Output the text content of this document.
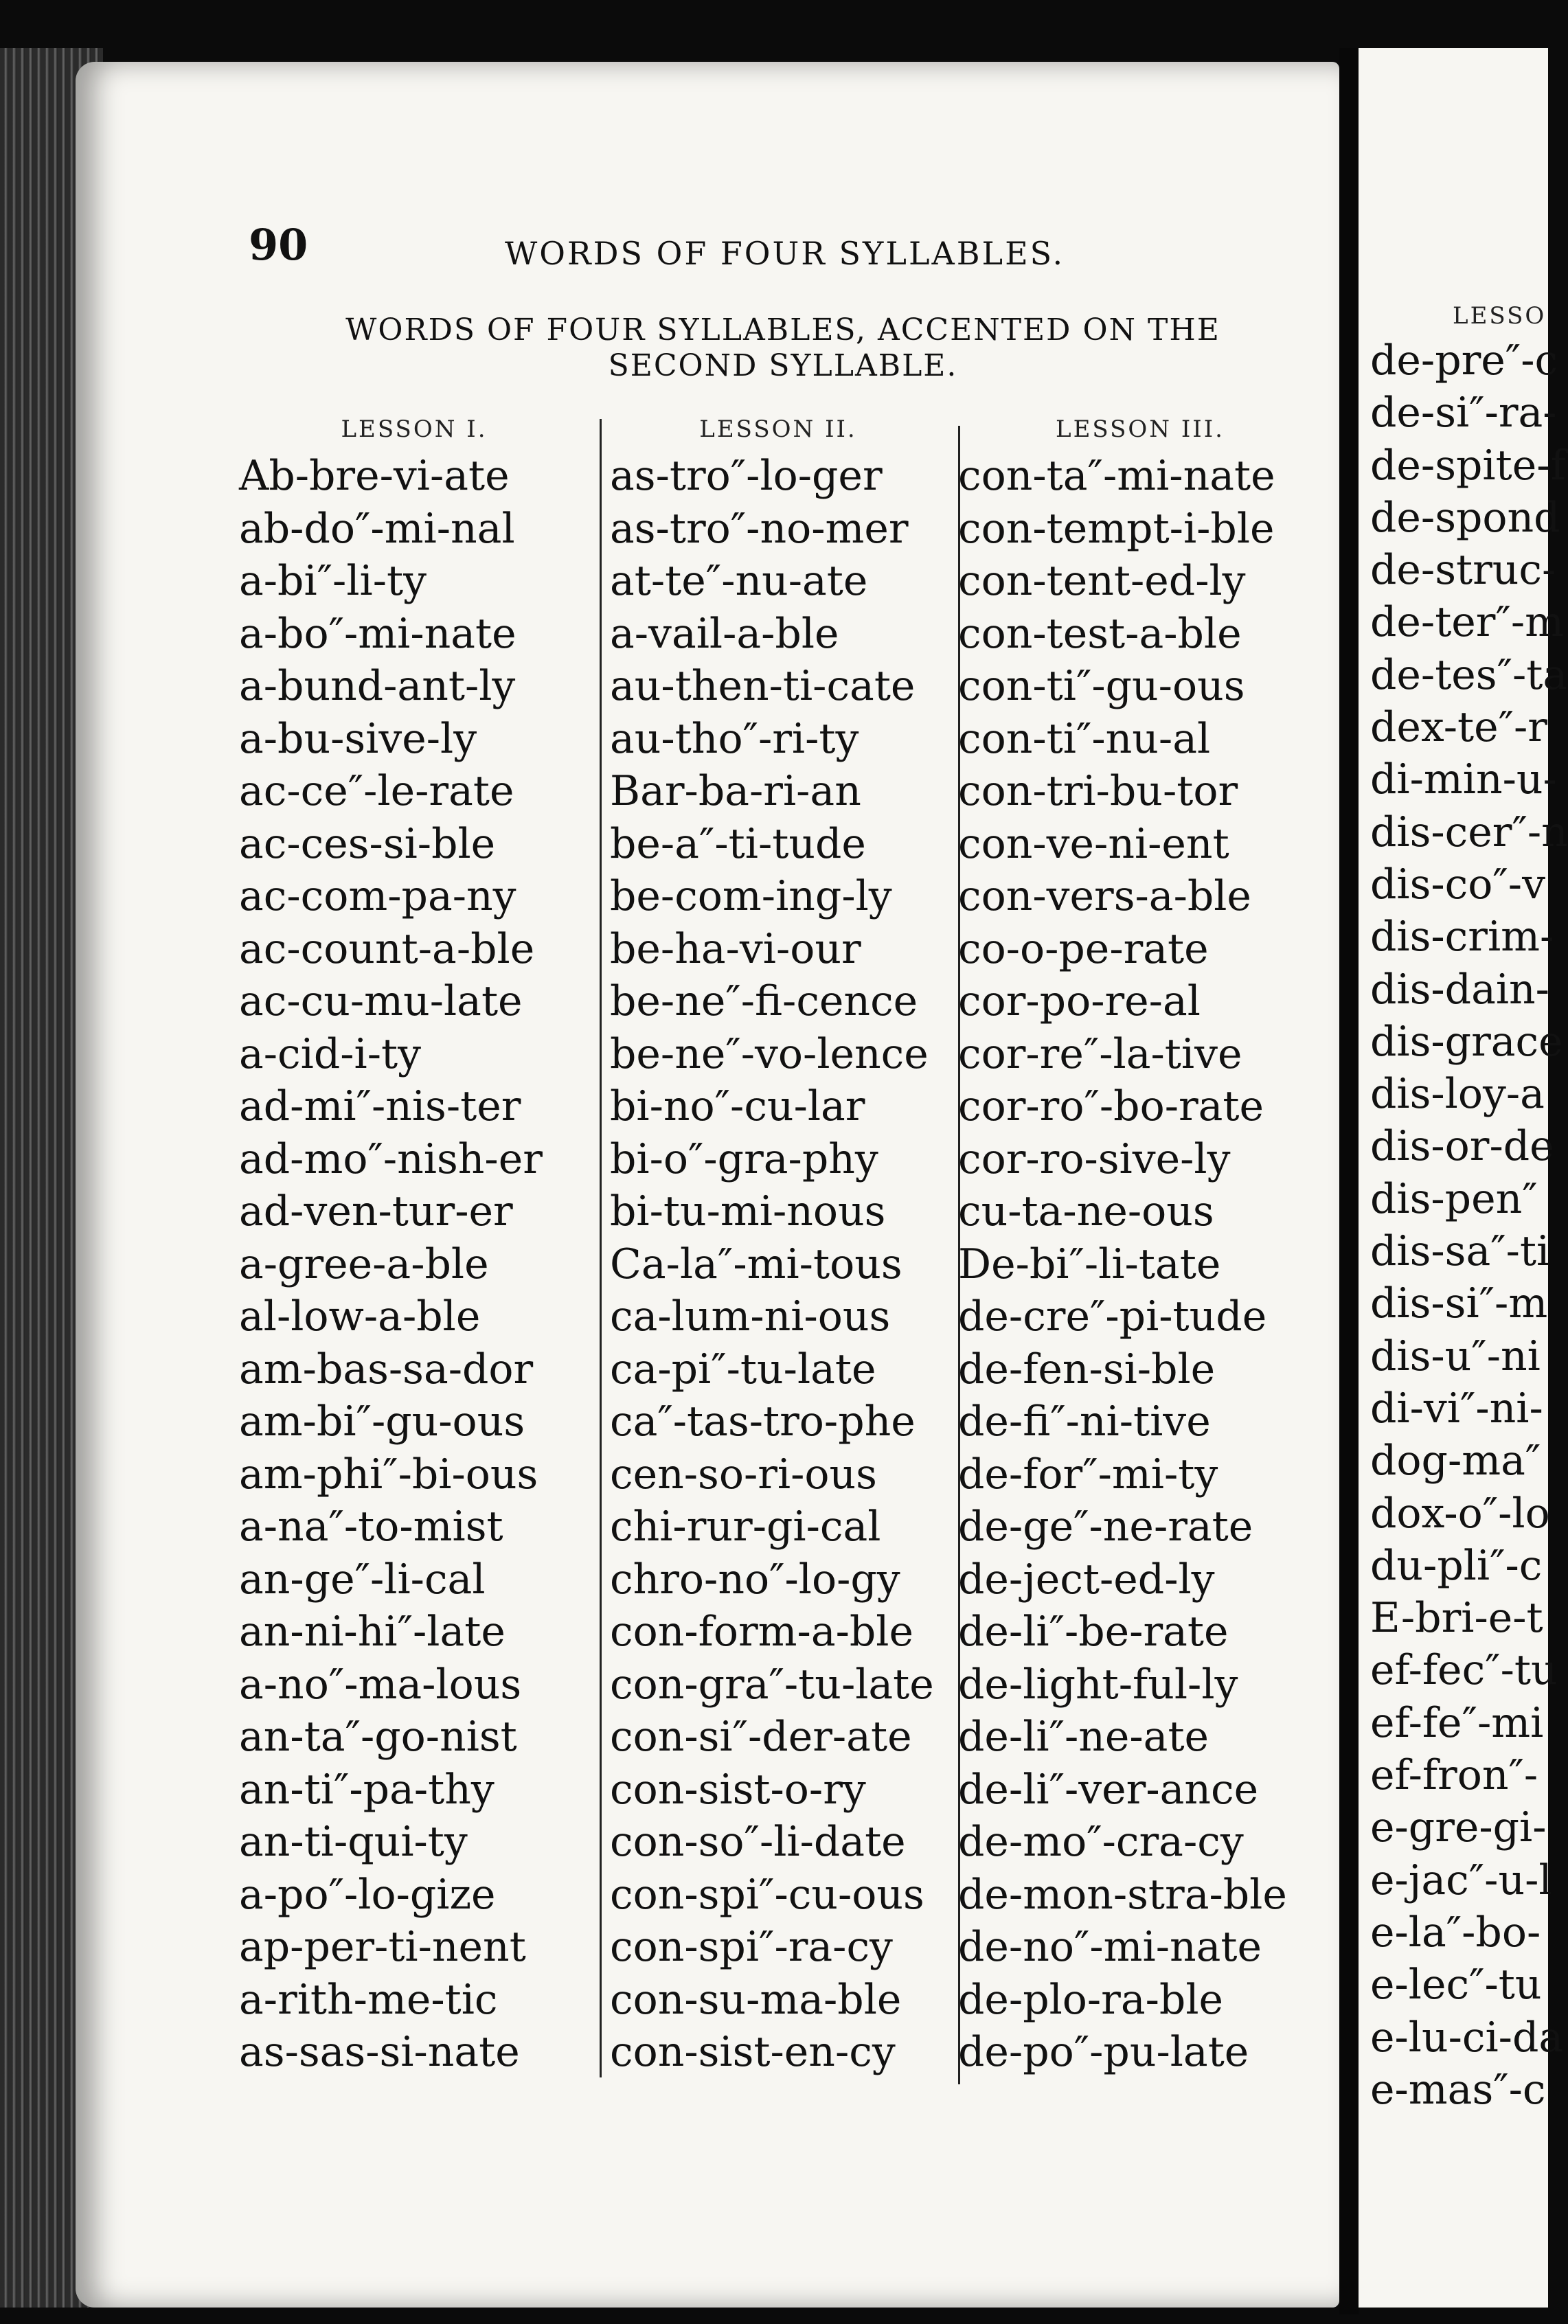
90	WORDS OF FOUR SYLLABLES.

WORDS OF FOUR SYLLABLES, ACCENTED ON THE SECOND SYLLABLE.

LESSON I.
Ab-bre-vi-ate
ab-do″-mi-nal
a-bi″-li-ty
a-bo″-mi-nate
a-bund-ant-ly
a-bu-sive-ly
ac-ce″-le-rate
ac-ces-si-ble
ac-com-pa-ny
ac-count-a-ble
ac-cu-mu-late
a-cid-i-ty
ad-mi″-nis-ter
ad-mo″-nish-er
ad-ven-tur-er
a-gree-a-ble
al-low-a-ble
am-bas-sa-dor
am-bi″-gu-ous
am-phi″-bi-ous
a-na″-to-mist
an-ge″-li-cal
an-ni-hi″-late
a-no″-ma-lous
an-ta″-go-nist
an-ti″-pa-thy
an-ti-qui-ty
a-po″-lo-gize
ap-per-ti-nent
a-rith-me-tic
as-sas-si-nate
LESSON II.
as-tro″-lo-ger
as-tro″-no-mer
at-te″-nu-ate
a-vail-a-ble
au-then-ti-cate
au-tho″-ri-ty
Bar-ba-ri-an
be-a″-ti-tude
be-com-ing-ly
be-ha-vi-our
be-ne″-fi-cence
be-ne″-vo-lence
bi-no″-cu-lar
bi-o″-gra-phy
bi-tu-mi-nous
Ca-la″-mi-tous
ca-lum-ni-ous
ca-pi″-tu-late
ca″-tas-tro-phe
cen-so-ri-ous
chi-rur-gi-cal
chro-no″-lo-gy
con-form-a-ble
con-gra″-tu-late
con-si″-der-ate
con-sist-o-ry
con-so″-li-date
con-spi″-cu-ous
con-spi″-ra-cy
con-su-ma-ble
con-sist-en-cy
LESSON III.
con-ta″-mi-nate
con-tempt-i-ble
con-tent-ed-ly
con-test-a-ble
con-ti″-gu-ous
con-ti″-nu-al
con-tri-bu-tor
con-ve-ni-ent
con-vers-a-ble
co-o-pe-rate
cor-po-re-al
cor-re″-la-tive
cor-ro″-bo-rate
cor-ro-sive-ly
cu-ta-ne-ous
De-bi″-li-tate
de-cre″-pi-tude
de-fen-si-ble
de-fi″-ni-tive
de-for″-mi-ty
de-ge″-ne-rate
de-ject-ed-ly
de-li″-be-rate
de-light-ful-ly
de-li″-ne-ate
de-li″-ver-ance
de-mo″-cra-cy
de-mon-stra-ble
de-no″-mi-nate
de-plo-ra-ble
de-po″-pu-late
LESSO
de-pre″-c
de-si″-ra-
de-spite-f
de-spond
de-struc-
de-ter″-m
de-tes″-ta
dex-te″-r
di-min-u-
dis-cer″-n
dis-co″-v
dis-crim-
dis-dain-
dis-grace
dis-loy-a
dis-or-de
dis-pen″
dis-sa″-ti
dis-si″-m
dis-u″-ni
di-vi″-ni-
dog-ma″
dox-o″-lo
du-pli″-c
E-bri-e-t
ef-fec″-tu
ef-fe″-mi
ef-fron″-
e-gre-gi-
e-jac″-u-l
e-la″-bo-
e-lec″-tu
e-lu-ci-da
e-mas″-c
